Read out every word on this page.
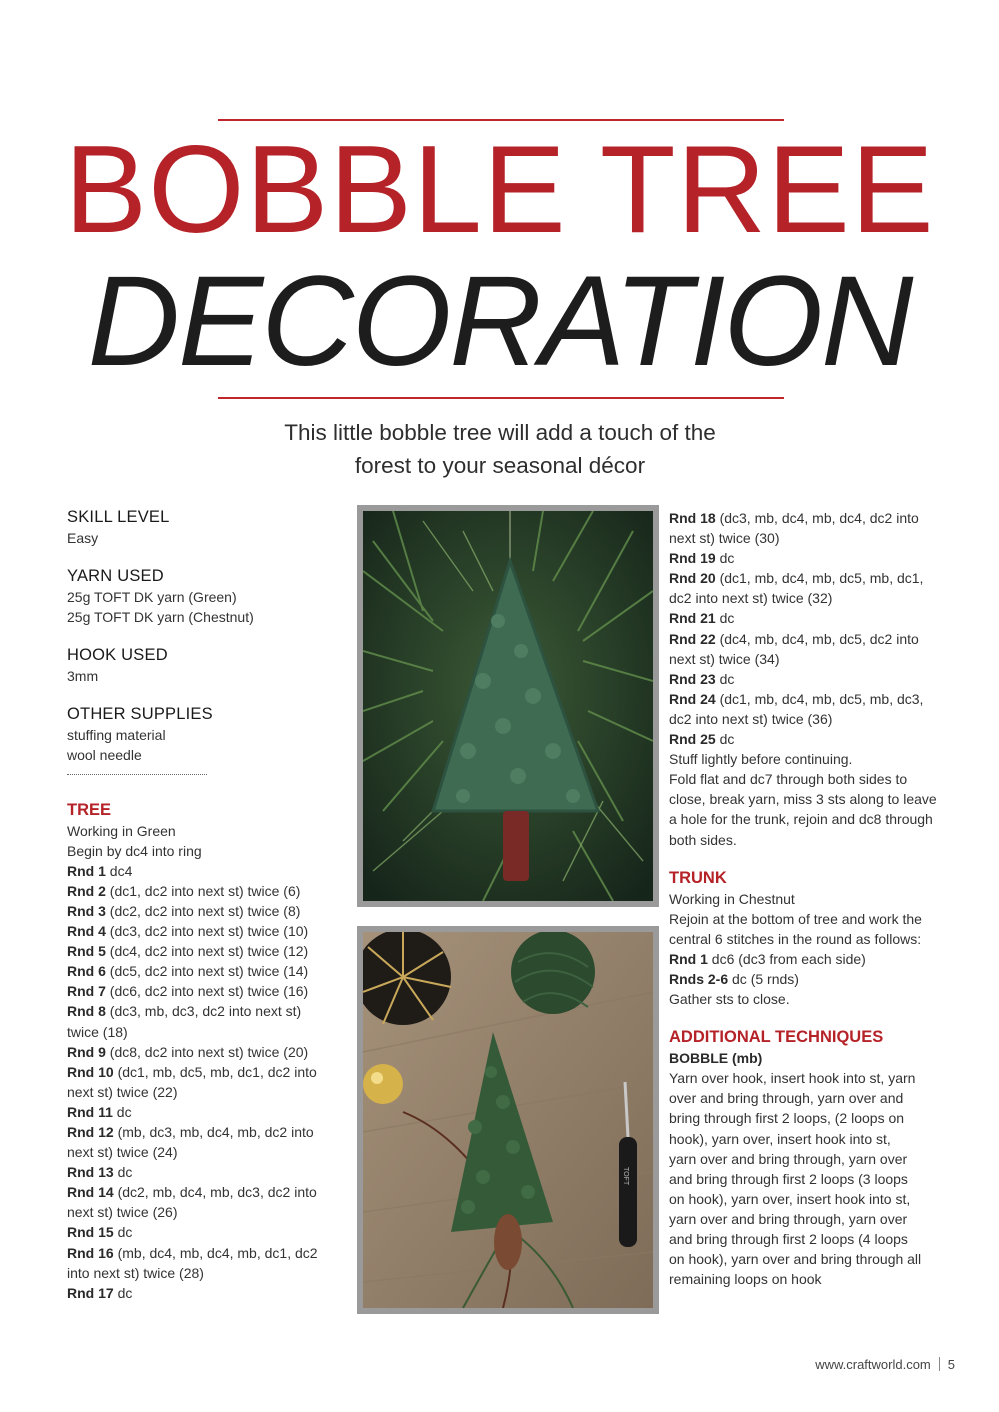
BOBBLE TREE
DECORATION
This little bobble tree will add a touch of the
forest to your seasonal décor

SKILL LEVEL

Easy

YARN USED

25g TOFT DK yarn (Green)

25g TOFT DK yarn (Chestnut)

HOOK USED

3mm

OTHER SUPPLIES

stuffing material

wool needle

TREE

Working in Green

Begin by dc4 into ring

Rnd 1 dc4

Rnd 2 (dc1, dc2 into next st) twice (6)

Rnd 3 (dc2, dc2 into next st) twice (8)

Rnd 4 (dc3, dc2 into next st) twice (10)

Rnd 5 (dc4, dc2 into next st) twice (12)

Rnd 6 (dc5, dc2 into next st) twice (14)

Rnd 7 (dc6, dc2 into next st) twice (16)

Rnd 8 (dc3, mb, dc3, dc2 into next st)

twice (18)

Rnd 9 (dc8, dc2 into next st) twice (20)

Rnd 10 (dc1, mb, dc5, mb, dc1, dc2 into

next st) twice (22)

Rnd 11 dc

Rnd 12 (mb, dc3, mb, dc4, mb, dc2 into

next st) twice (24)

Rnd 13 dc

Rnd 14 (dc2, mb, dc4, mb, dc3, dc2 into

next st) twice (26)

Rnd 15 dc

Rnd 16 (mb, dc4, mb, dc4, mb, dc1, dc2

into next st) twice (28)

Rnd 17 dc

TOFT

Rnd 18 (dc3, mb, dc4, mb, dc4, dc2 into

next st) twice (30)

Rnd 19 dc

Rnd 20 (dc1, mb, dc4, mb, dc5, mb, dc1,

dc2 into next st) twice (32)

Rnd 21 dc

Rnd 22 (dc4, mb, dc4, mb, dc5, dc2 into

next st) twice (34)

Rnd 23 dc

Rnd 24 (dc1, mb, dc4, mb, dc5, mb, dc3,

dc2 into next st) twice (36)

Rnd 25 dc

Stuff lightly before continuing.

Fold flat and dc7 through both sides to

close, break yarn, miss 3 sts along to leave

a hole for the trunk, rejoin and dc8 through

both sides.

TRUNK

Working in Chestnut

Rejoin at the bottom of tree and work the

central 6 stitches in the round as follows:

Rnd 1 dc6 (dc3 from each side)

Rnds 2-6 dc (5 rnds)

Gather sts to close.

ADDITIONAL TECHNIQUES

BOBBLE (mb)

Yarn over hook, insert hook into st, yarn

over and bring through, yarn over and

bring through first 2 loops, (2 loops on

hook), yarn over, insert hook into st,

yarn over and bring through, yarn over

and bring through first 2 loops (3 loops

on hook), yarn over, insert hook into st,

yarn over and bring through, yarn over

and bring through first 2 loops (4 loops

on hook), yarn over and bring through all

remaining loops on hook

www.craftworld.com 5
